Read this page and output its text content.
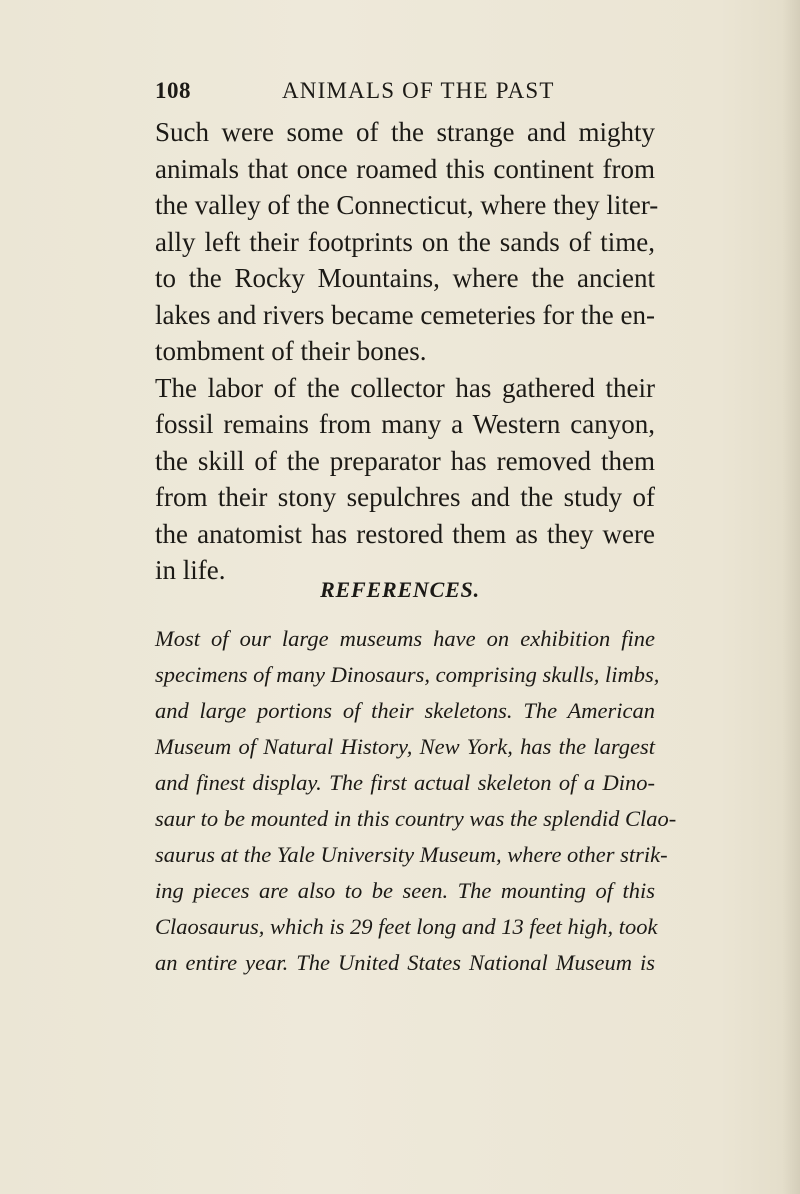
108	ANIMALS OF THE PAST
Such were some of the strange and mighty
animals that once roamed this continent from
the valley of the Connecticut, where they liter-
ally left their footprints on the sands of time,
to the Rocky Mountains, where the ancient
lakes and rivers became cemeteries for the en-
tombment of their bones.
The labor of the collector has gathered their
fossil remains from many a Western canyon,
the skill of the preparator has removed them
from their stony sepulchres and the study of
the anatomist has restored them as they were
in life.
REFERENCES.
Most of our large museums have on exhibition fine
specimens of many Dinosaurs, comprising skulls, limbs,
and large portions of their skeletons. The American
Museum of Natural History, New York, has the largest
and finest display. The first actual skeleton of a Dino-
saur to be mounted in this country was the splendid Clao-
saurus at the Yale University Museum, where other strik-
ing pieces are also to be seen. The mounting of this
Claosaurus, which is 29 feet long and 13 feet high, took
an entire year. The United States National Museum is
